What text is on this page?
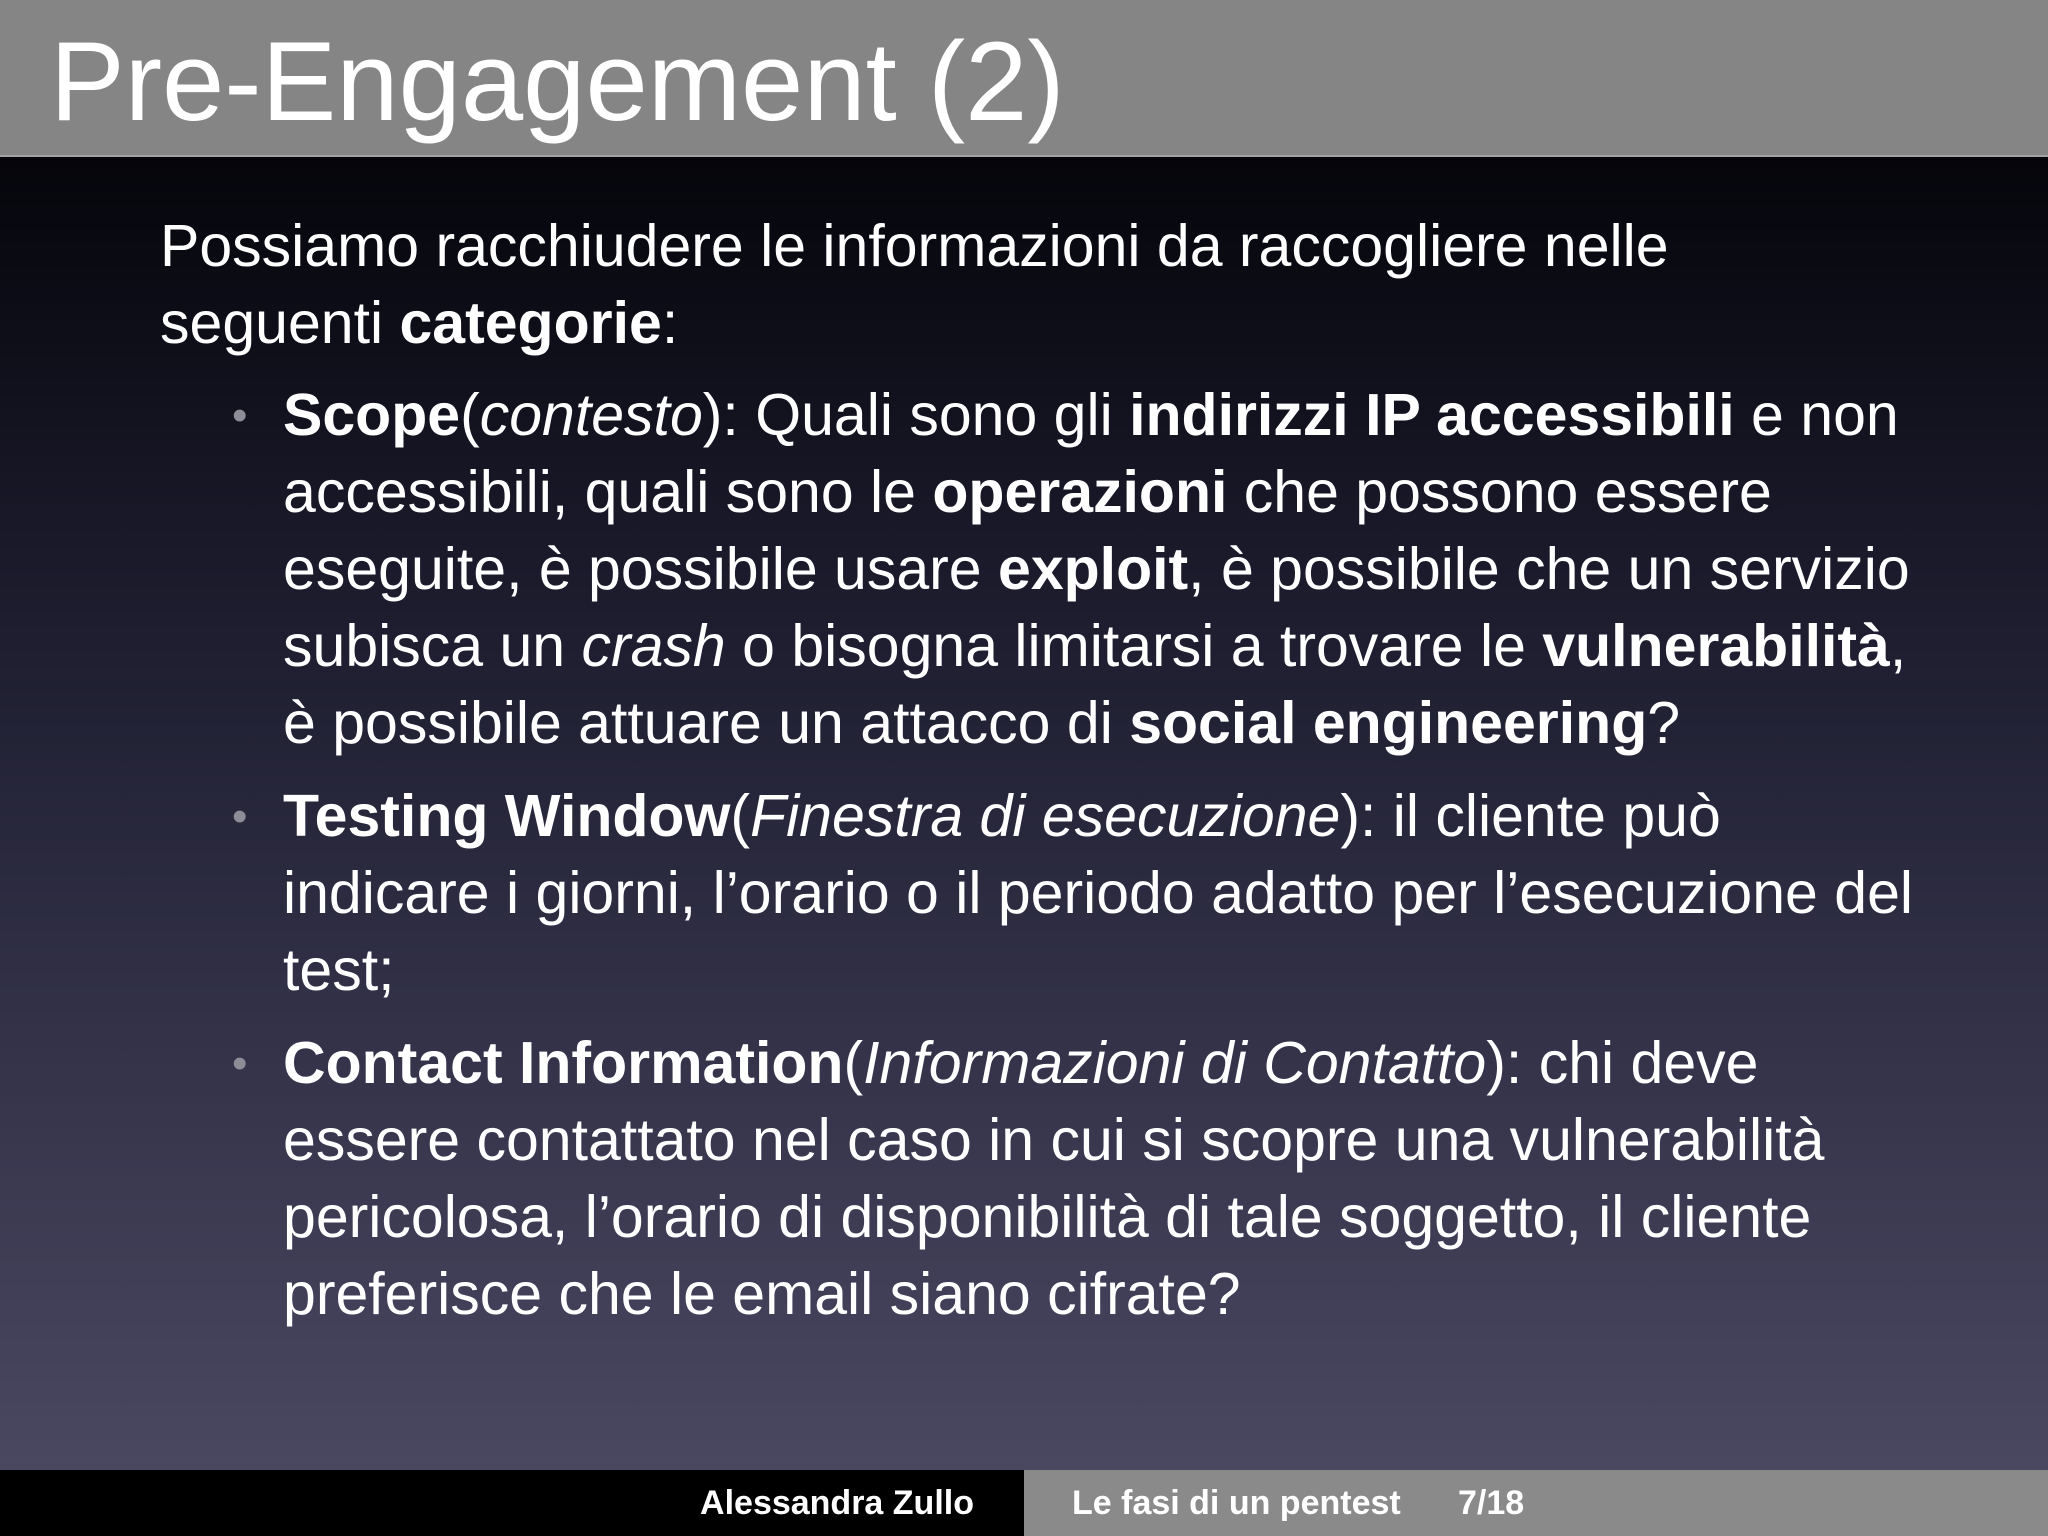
Pre-Engagement (2)

Possiamo racchiudere le informazioni da raccogliere nelle seguenti categorie:

• Scope(contesto): Quali sono gli indirizzi IP accessibili e non accessibili, quali sono le operazioni che possono essere eseguite, è possibile usare exploit, è possibile che un servizio subisca un crash o bisogna limitarsi a trovare le vulnerabilità, è possibile attuare un attacco di social engineering?
• Testing Window(Finestra di esecuzione): il cliente può indicare i giorni, l’orario o il periodo adatto per l’esecuzione del test;
• Contact Information(Informazioni di Contatto): chi deve essere contattato nel caso in cui si scopre una vulnerabilità pericolosa, l’orario di disponibilità di tale soggetto, il cliente preferisce che le email siano cifrate?
Alessandra Zullo	Le fasi di un pentest 7/18
